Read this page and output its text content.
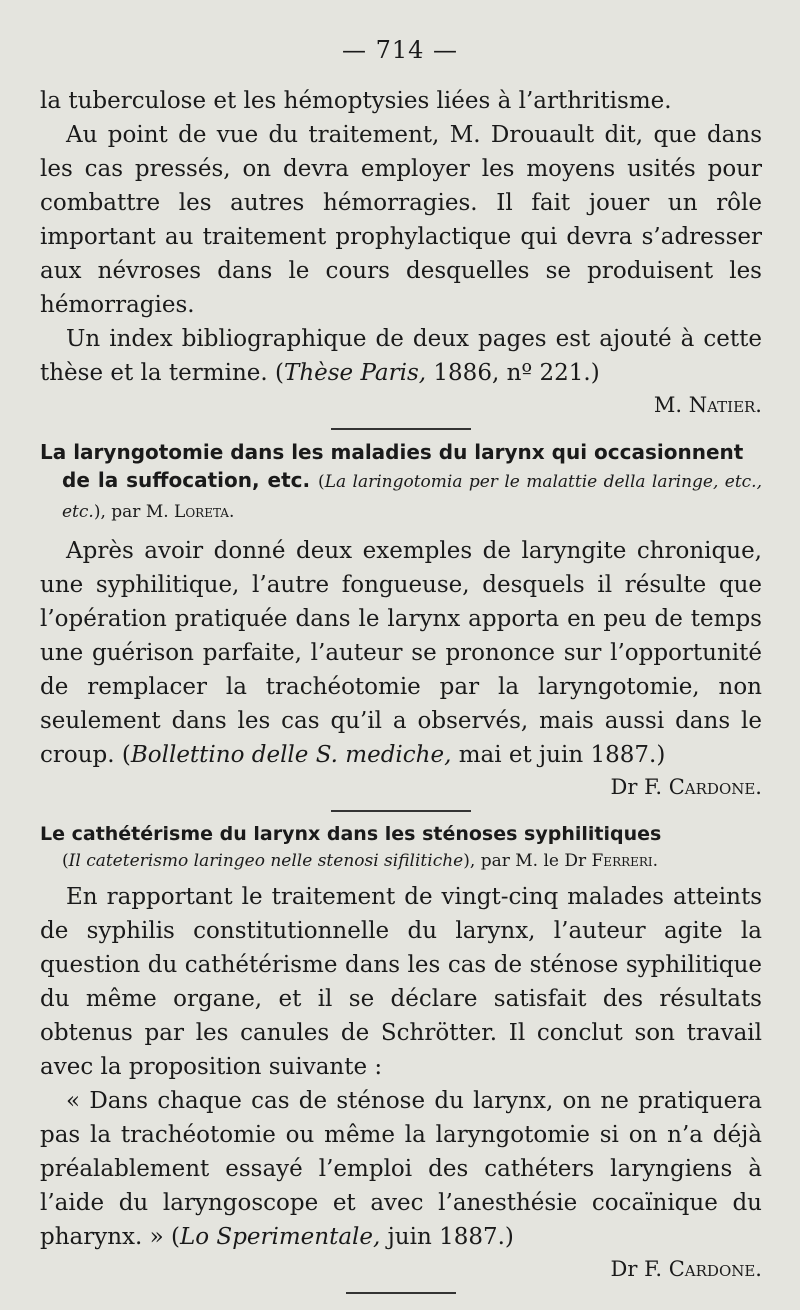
— 714 —

la tuberculose et les hémoptysies liées à l’arthritisme.

Au point de vue du traitement, M. Drouault dit, que dans les cas pressés, on devra employer les moyens usités pour combattre les autres hémorragies. Il fait jouer un rôle important au traitement prophylactique qui devra s’adresser aux névroses dans le cours desquelles se produisent les hémorragies.

Un index bibliographique de deux pages est ajouté à cette thèse et la termine. (Thèse Paris, 1886, nº 221.)

M. Natier.

La laryngotomie dans les maladies du larynx qui occasionnent
de la suffocation, etc. (La laringotomia per le malattie della laringe, etc., etc.), par M. Loreta.

Après avoir donné deux exemples de laryngite chronique, une syphilitique, l’autre fongueuse, desquels il résulte que l’opération pratiquée dans le larynx apporta en peu de temps une guérison parfaite, l’auteur se prononce sur l’opportunité de remplacer la trachéotomie par la laryngotomie, non seulement dans les cas qu’il a observés, mais aussi dans le croup. (Bollettino delle S. mediche, mai et juin 1887.)

Dr F. Cardone.

Le cathétérisme du larynx dans les sténoses syphilitiques

(Il cateterismo laringeo nelle stenosi sifilitiche), par M. le Dr Ferreri.

En rapportant le traitement de vingt-cinq malades atteints de syphilis constitutionnelle du larynx, l’auteur agite la question du cathétérisme dans les cas de sténose syphilitique du même organe, et il se déclare satisfait des résultats obtenus par les canules de Schrötter. Il conclut son travail avec la proposition suivante :

« Dans chaque cas de sténose du larynx, on ne pratiquera pas la trachéotomie ou même la laryngotomie si on n’a déjà préalablement essayé l’emploi des cathéters laryngiens à l’aide du laryngoscope et avec l’anesthésie cocaïnique du pharynx. » (Lo Sperimentale, juin 1887.)

Dr F. Cardone.
